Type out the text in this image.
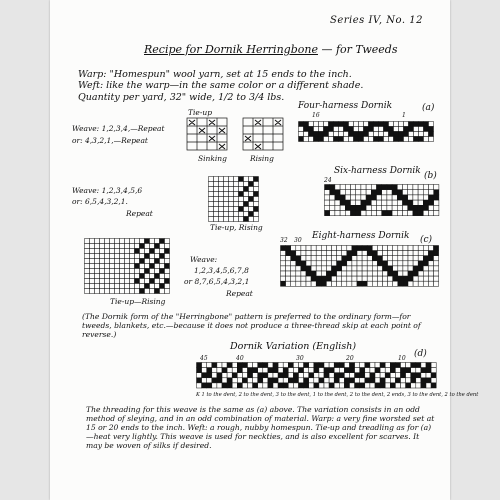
Series IV, No. 12
Recipe for Dornik Herringbone — for Tweeds
Warp: "Homespun" wool yarn, set at 15 ends to the inch.
Weft: like the warp—in the same color or a different shade.
Quantity per yard, 32" wide, 1/2 to 3/4 lbs.
Tie-up
Weave: 1,2,3,4,—Repeat
or: 4,3,2,1,—Repeat
Sinking	Rising
Four-harness Dornik	(a)
16	1
Weave: 1,2,3,4,5,6
or: 6,5,4,3,2,1.
Repeat
Tie-up, Rising
Six-harness Dornik (b)
24
Tie-up—Rising
Weave:
1,2,3,4,5,6,7,8
or 8,7,6,5,4,3,2,1
Repeat
Eight-harness Dornik (c)
32 30
(The Dornik form of the "Herringbone" pattern is preferred to the ordinary form—for tweeds, blankets, etc.—because it does not produce a three-thread skip at each point of reverse.)
Dornik Variation (English)
(d)
45	40	30	20	10
K 1 to the dent, 2 to the dent, 3 to the dent, 1 to the dent, 2 to the dent, 2 ends, 3 to the dent, 2 to the dent
The threading for this weave is the same as (a) above. The variation consists in an odd method of sleying, and in an odd combination of material. Warp: a very fine worsted set at 15 or 20 ends to the inch. Weft: a rough, nubby homespun. Tie-up and treadling as for (a)—heat very lightly. This weave is used for neckties, and is also excellent for scarves. It may be woven of silks if desired.
